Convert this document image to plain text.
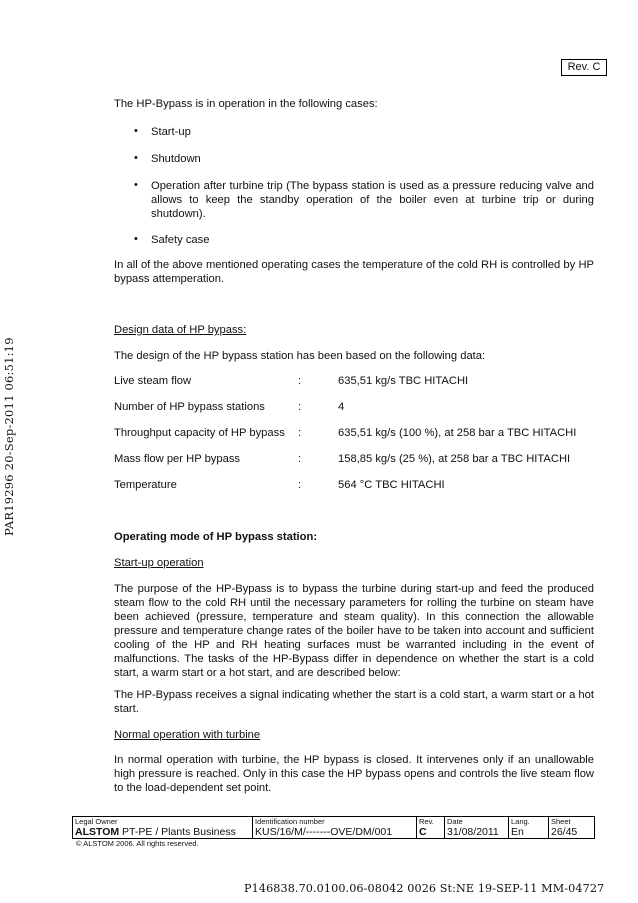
Rev. C
PAR19296 20-Sep-2011 06:51:19
The HP-Bypass is in operation in the following cases:
• Start-up
• Shutdown
• Operation after turbine trip (The bypass station is used as a pressure reducing valve and allows to keep the standby operation of the boiler even at turbine trip or during shutdown).
• Safety case
In all of the above mentioned operating cases the temperature of the cold RH is controlled by HP bypass attemperation.
Design data of HP bypass:
The design of the HP bypass station has been based on the following data:
Live steam flow	:	635,51 kg/s TBC HITACHI
Number of HP bypass stations	:	4
Throughput capacity of HP bypass :	635,51 kg/s (100 %), at 258 bar a TBC HITACHI
Mass flow per HP bypass	:	158,85 kg/s (25 %), at 258 bar a TBC HITACHI
Temperature	:	564 °C TBC HITACHI
Operating mode of HP bypass station:
Start-up operation
The purpose of the HP-Bypass is to bypass the turbine during start-up and feed the produced steam flow to the cold RH until the necessary parameters for rolling the turbine on steam have been achieved (pressure, temperature and steam quality). In this connection the allowable pressure and temperature change rates of the boiler have to be taken into account and sufficient cooling of the HP and RH heating surfaces must be warranted including in the event of malfunctions. The tasks of the HP-Bypass differ in dependence on whether the start is a cold start, a warm start or a hot start, and are described below:
The HP-Bypass receives a signal indicating whether the start is a cold start, a warm start or a hot start.
Normal operation with turbine
In normal operation with turbine, the HP bypass is closed. It intervenes only if an unallowable high pressure is reached. Only in this case the HP bypass opens and controls the live steam flow to the load-dependent set point.
Legal Owner
ALSTOM PT-PE / Plants Business

Identification number
KUS/16/M/-------OVE/DM/001

Rev.
C

Date
31/08/2011

Lang.
En

Sheet
26/45
© ALSTOM 2006. All rights reserved.
P146838.70.0100.06-08042 0026 St:NE 19-SEP-11 MM-04727
